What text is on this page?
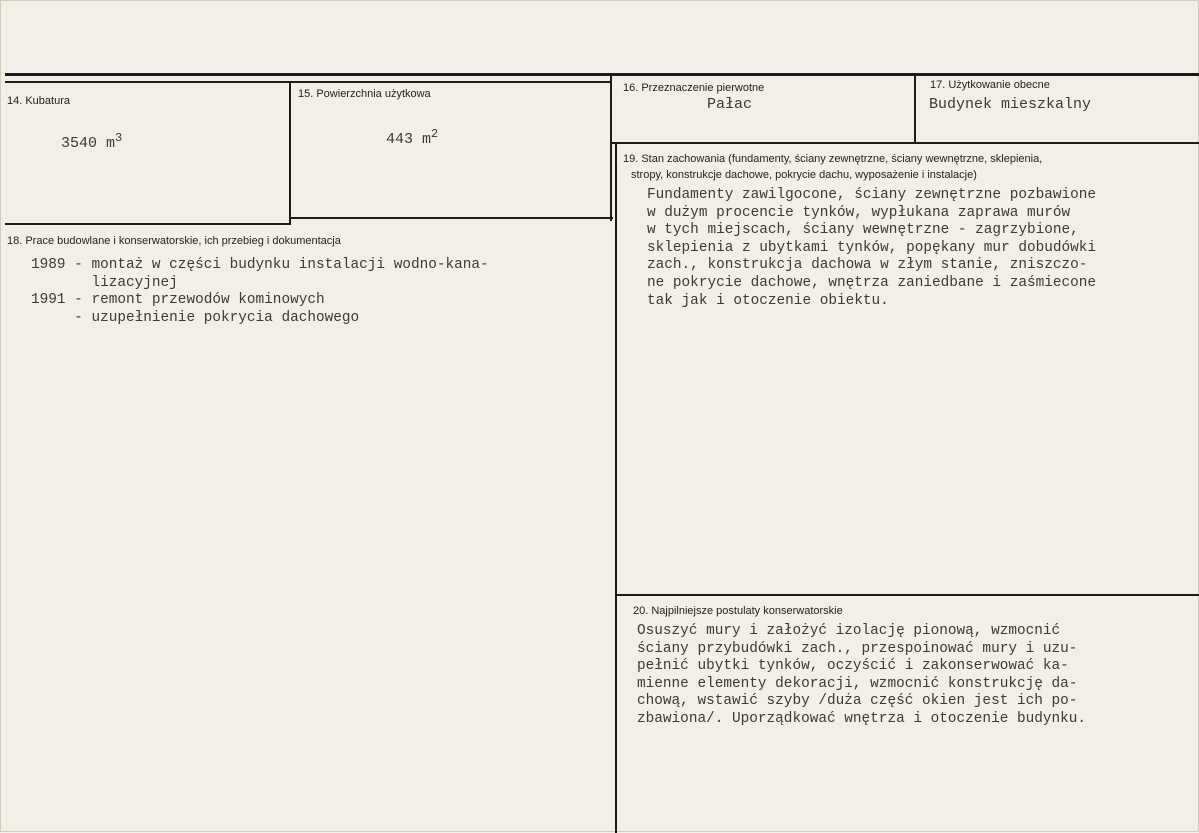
14. Kubatura
3540 $m^3$
15. Powierzchnia użytkowa
443 $m^2$
16. Przeznaczenie pierwotne
Pałac
17. Użytkowanie obecne
Budynek mieszkalny
18. Prace budowlane i konserwatorskie, ich przebieg i dokumentacja
1989 - montaż w części budynku instalacji wodno-kana-
lizacyjnej
1991 - remont przewodów kominowych
- uzupełnienie pokrycia dachowego
19. Stan zachowania (fundamenty, ściany zewnętrzne, ściany wewnętrzne, sklepienia,
stropy, konstrukcje dachowe, pokrycie dachu, wyposażenie i instalacje)
Fundamenty zawilgocone, ściany zewnętrzne pozbawione
w dużym procencie tynków, wypłukana zaprawa murów
w tych miejscach, ściany wewnętrzne - zagrzybione,
sklepienia z ubytkami tynków, popękany mur dobudówki
zach., konstrukcja dachowa w złym stanie, zniszczo-
ne pokrycie dachowe, wnętrza zaniedbane i zaśmiecone
tak jak i otoczenie obiektu.
20. Najpilniejsze postulaty konserwatorskie
Osuszyć mury i założyć izolację pionową, wzmocnić
ściany przybudówki zach., przespoinować mury i uzu-
pełnić ubytki tynków, oczyścić i zakonserwować ka-
mienne elementy dekoracji, wzmocnić konstrukcję da-
chową, wstawić szyby /duża część okien jest ich po-
zbawiona/. Uporządkować wnętrza i otoczenie budynku.
